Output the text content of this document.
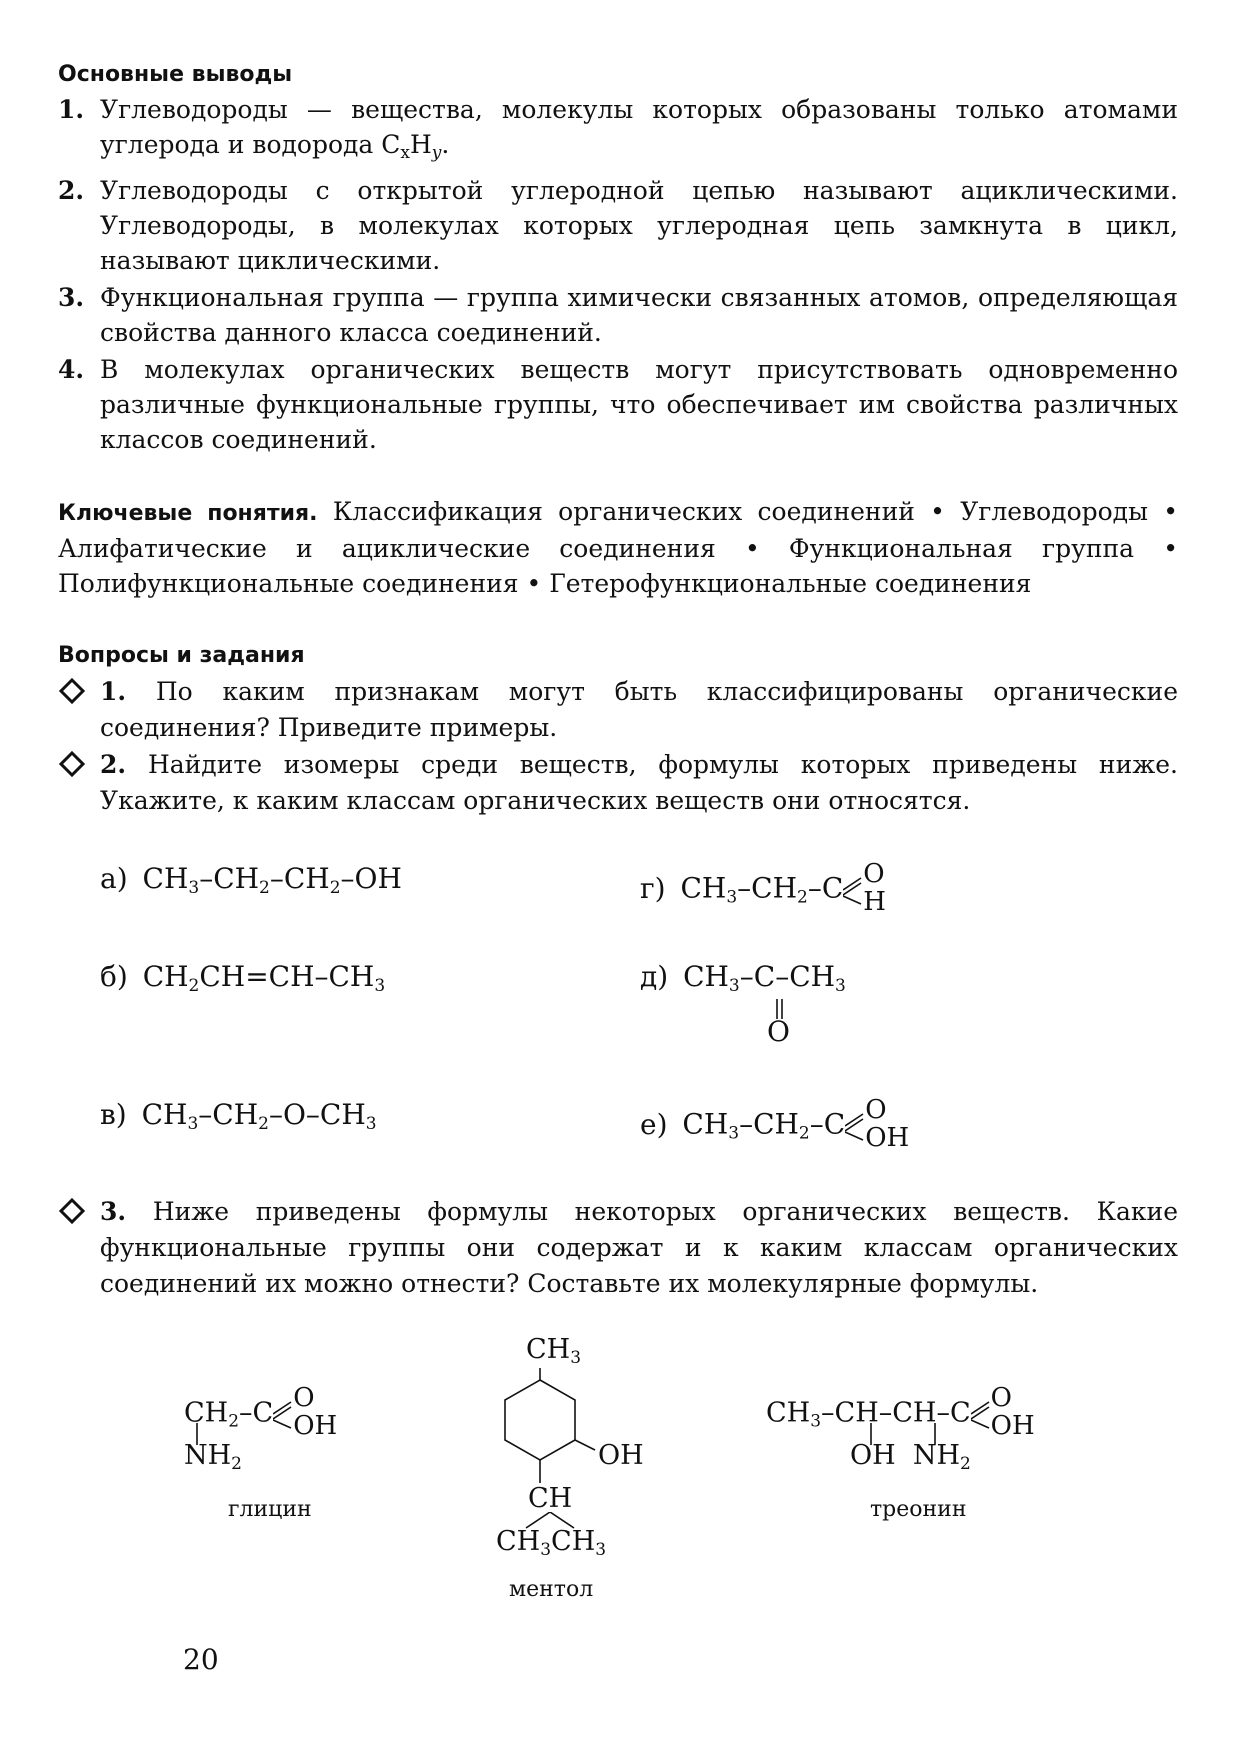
Основные выводы
1. Углеводороды — вещества, молекулы которых образованы только атомами углерода и водорода $C_xH_y$.
2. Углеводороды с открытой углеродной цепью называют ациклическими. Углеводороды, в молекулах которых углеродная цепь замкнута в цикл, называют циклическими.
3. Функциональная группа — группа химически связанных атомов, определяющая свойства данного класса соединений.
4. В молекулах органических веществ могут присутствовать одновременно различные функциональные группы, что обеспечивает им свойства различных классов соединений.
Ключевые понятия. Классификация органических соединений • Углеводороды • Алифатические и ациклические соединения • Функциональная группа • Полифункциональные соединения • Гетерофункциональные соединения
Вопросы и задания
1. По каким признакам могут быть классифицированы органические соединения? Приведите примеры.
2. Найдите изомеры среди веществ, формулы которых приведены ниже. Укажите, к каким классам органических веществ они относятся.
а) $CH_3-CH_2-CH_2-OH$	г) $CH_3-CH_2-C$ O
H
б) $CH_2CH=CH-CH_3$	д) $CH_3-C-CH_3$
O
в) $CH_3-CH_2-O-CH_3$	е) $CH_3-CH_2-C$ O
OH
3. Ниже приведены формулы некоторых органических веществ. Какие функциональные группы они содержат и к каким классам органических соединений их можно отнести? Составьте их молекулярные формулы.
$CH_2-C$ O
OH
$NH_2$
глицин
$CH_3$
OH
CH
$CH_3CH_3$
ментол
$CH_3-CH-CH-C$ O
OH
OH $NH_2$
треонин
20
